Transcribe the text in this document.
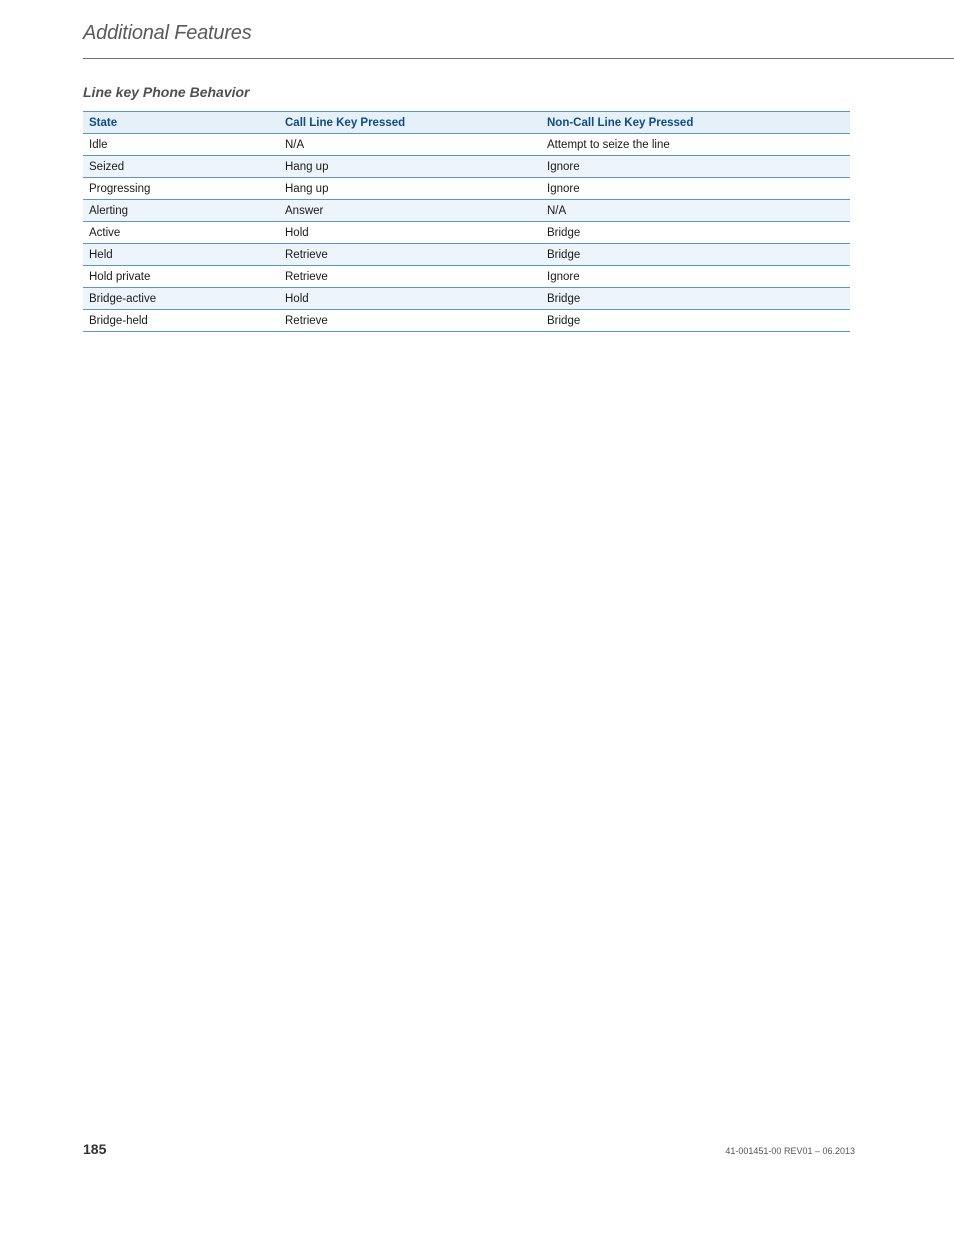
Additional Features
Line key Phone Behavior
State	Call Line Key Pressed	Non-Call Line Key Pressed
Idle	N/A	Attempt to seize the line
Seized	Hang up	Ignore
Progressing	Hang up	Ignore
Alerting	Answer	N/A
Active	Hold	Bridge
Held	Retrieve	Bridge
Hold private	Retrieve	Ignore
Bridge-active	Hold	Bridge
Bridge-held	Retrieve	Bridge

185	41-001451-00 REV01 – 06.2013
